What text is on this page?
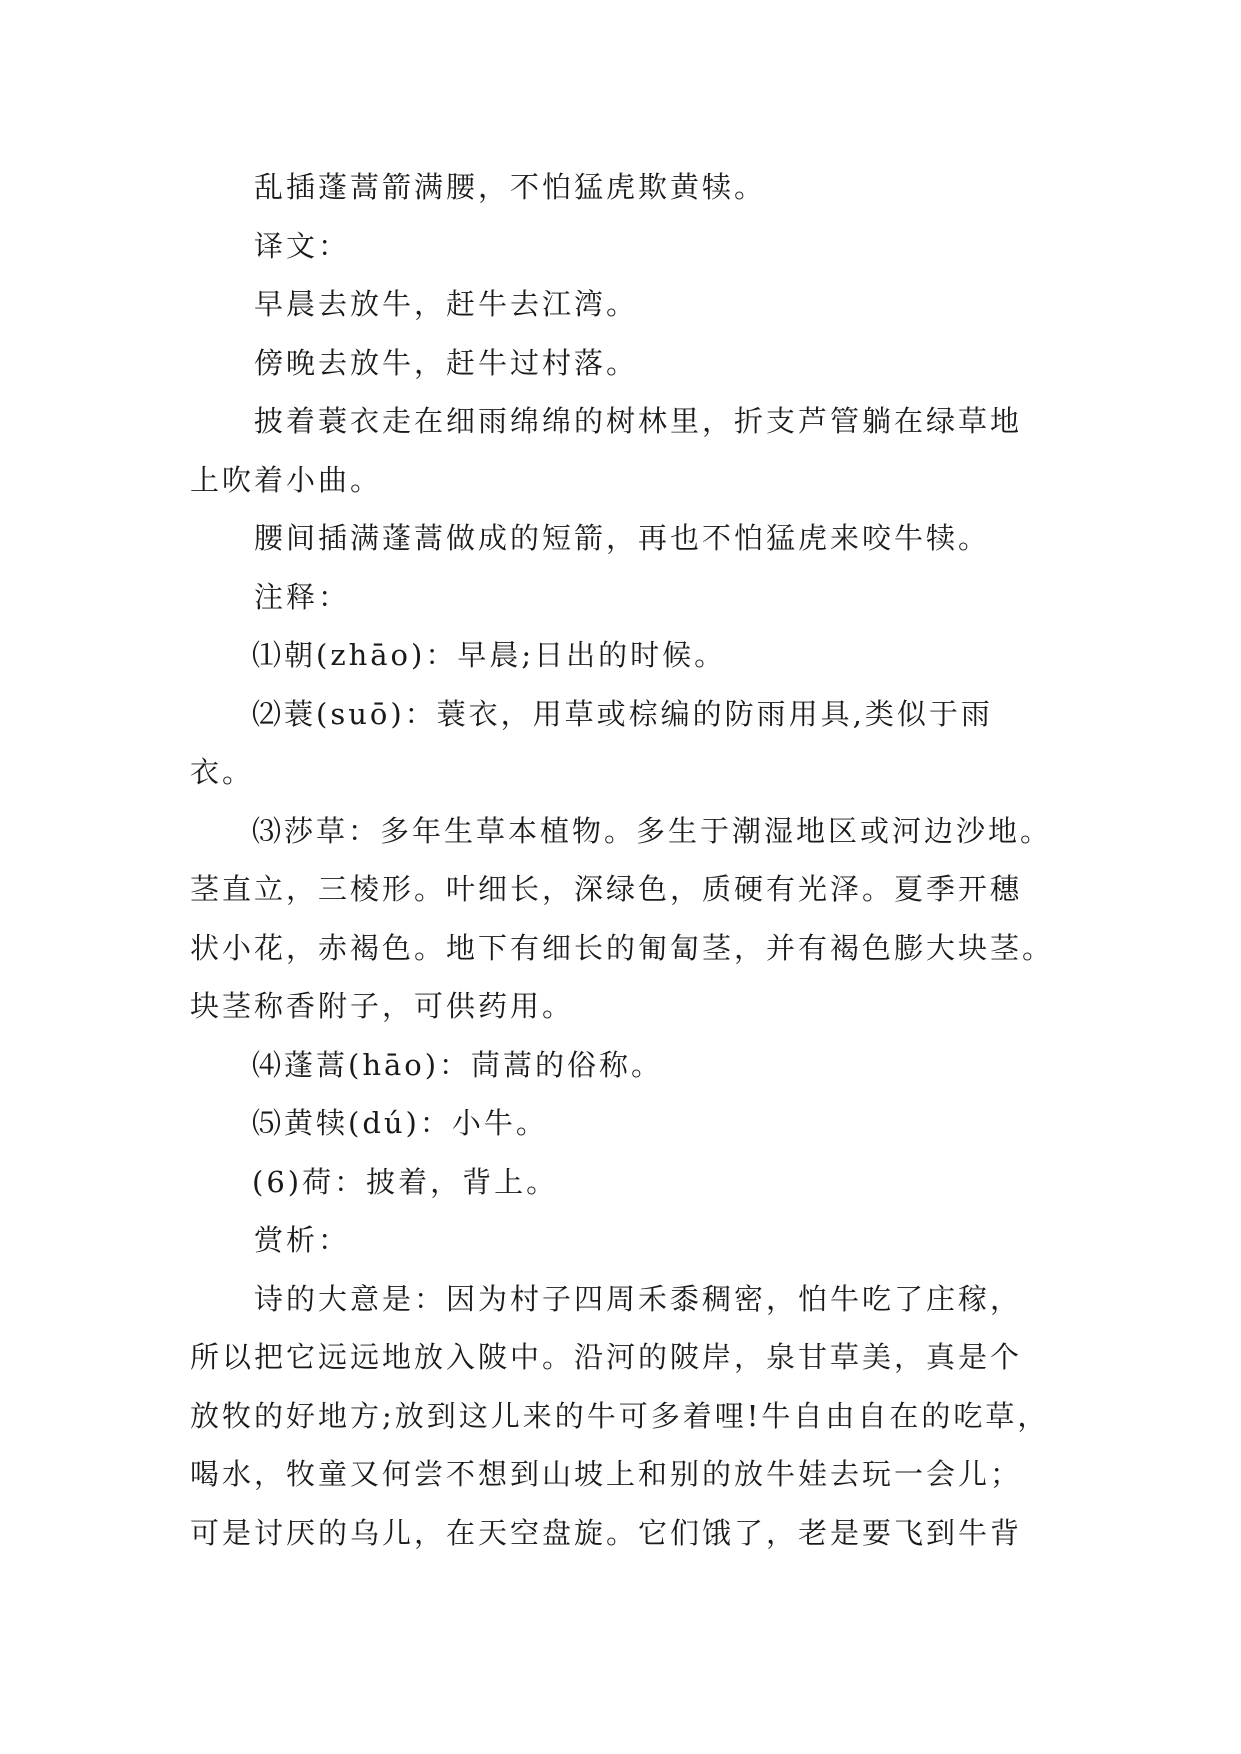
乱插蓬蒿箭满腰，不怕猛虎欺黄犊。

译文：

早晨去放牛，赶牛去江湾。

傍晚去放牛，赶牛过村落。

披着蓑衣走在细雨绵绵的树林里，折支芦管躺在绿草地

上吹着小曲。

腰间插满蓬蒿做成的短箭，再也不怕猛虎来咬牛犊。

注释：

⑴朝(zhāo)：早晨;日出的时候。

⑵蓑(suō)：蓑衣，用草或棕编的防雨用具,类似于雨

衣。

⑶莎草：多年生草本植物。多生于潮湿地区或河边沙地。

茎直立，三棱形。叶细长，深绿色，质硬有光泽。夏季开穗

状小花，赤褐色。地下有细长的匍匐茎，并有褐色膨大块茎。

块茎称香附子，可供药用。

⑷蓬蒿(hāo)：茼蒿的俗称。

⑸黄犊(dú)：小牛。

(6)荷：披着，背上。

赏析：

诗的大意是：因为村子四周禾黍稠密，怕牛吃了庄稼，

所以把它远远地放入陂中。沿河的陂岸，泉甘草美，真是个

放牧的好地方;放到这儿来的牛可多着哩!牛自由自在的吃草，

喝水，牧童又何尝不想到山坡上和别的放牛娃去玩一会儿；

可是讨厌的乌儿，在天空盘旋。它们饿了，老是要飞到牛背
